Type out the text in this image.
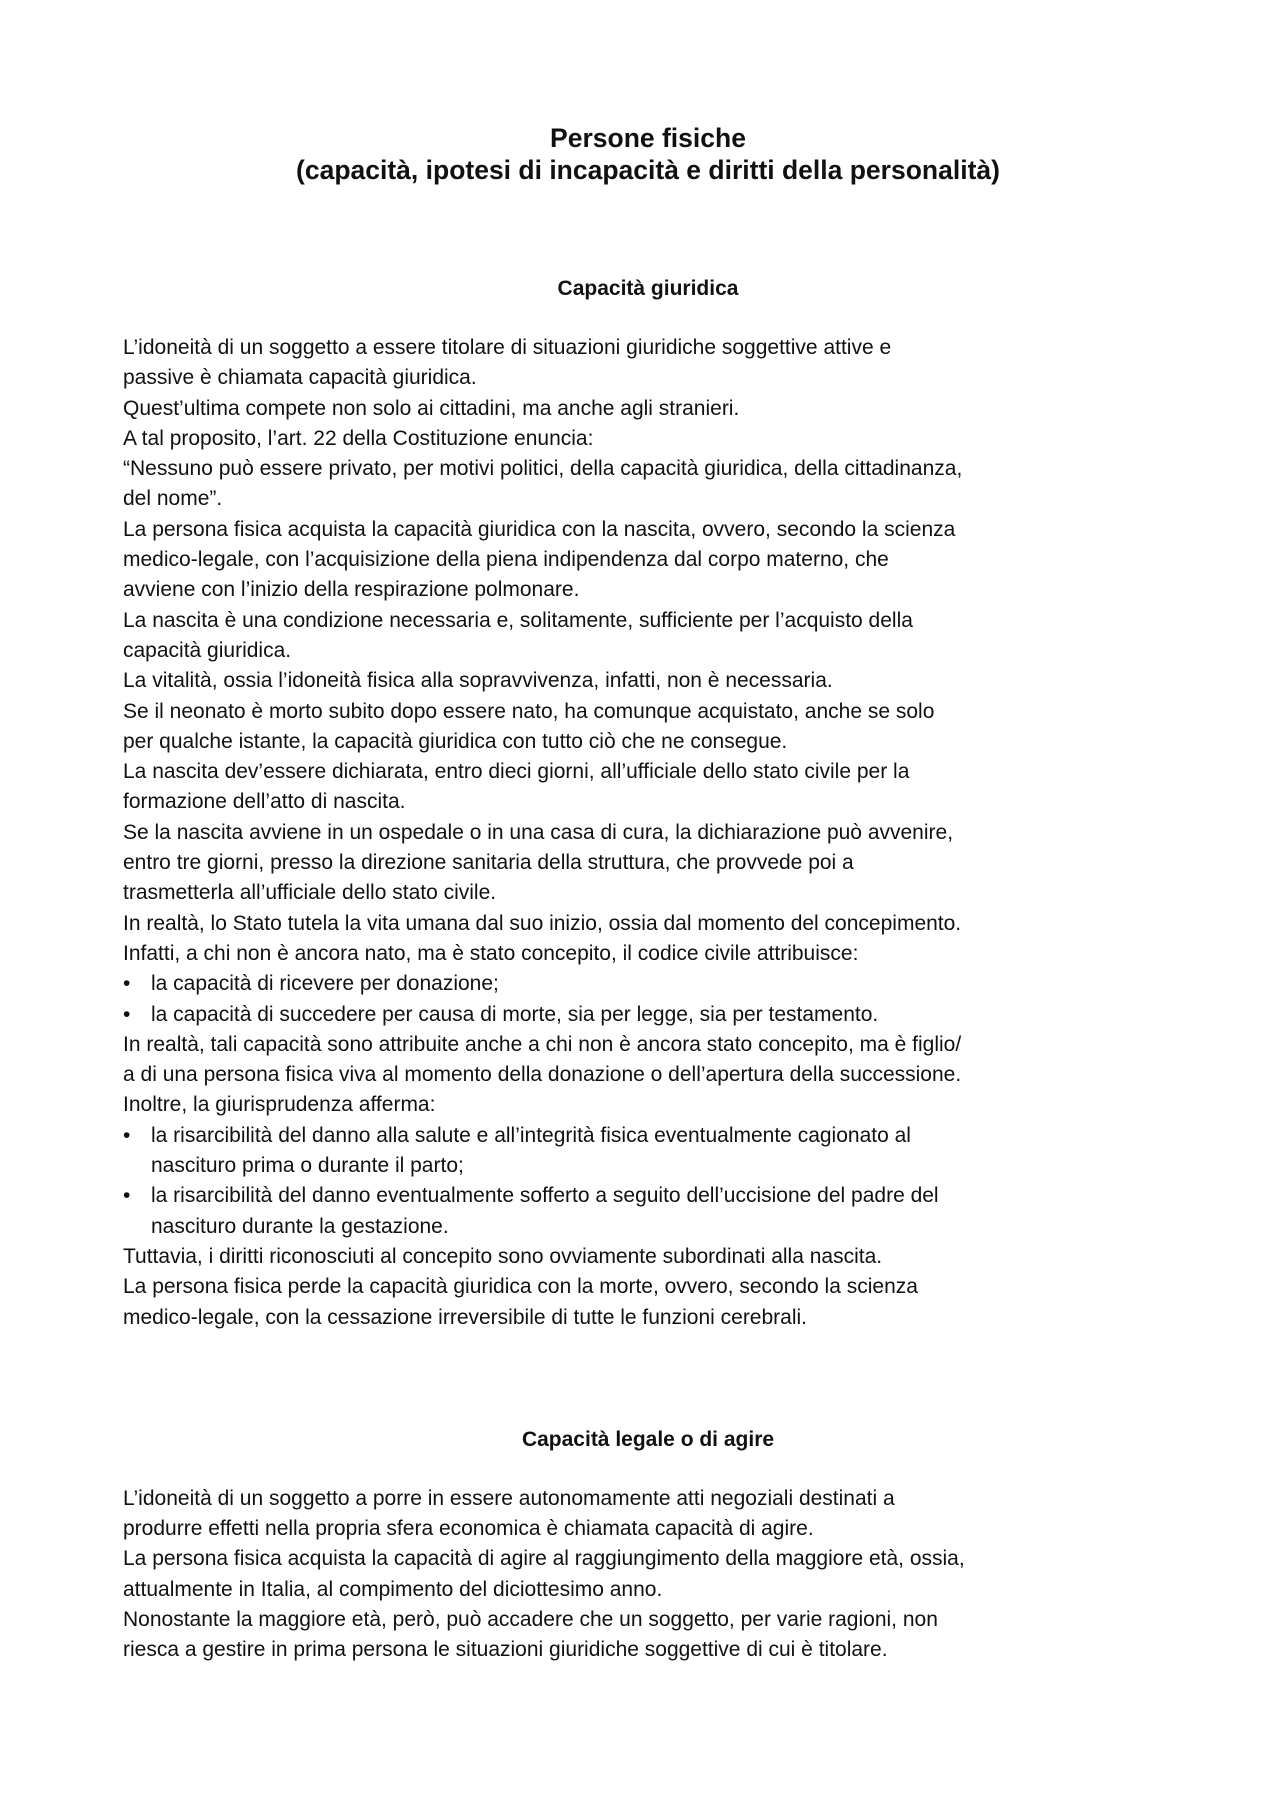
Persone fisiche
(capacità, ipotesi di incapacità e diritti della personalità)
Capacità giuridica
L’idoneità di un soggetto a essere titolare di situazioni giuridiche soggettive attive e
passive è chiamata capacità giuridica.
Quest’ultima compete non solo ai cittadini, ma anche agli stranieri.
A tal proposito, l’art. 22 della Costituzione enuncia:
“Nessuno può essere privato, per motivi politici, della capacità giuridica, della cittadinanza,
del nome”.
La persona fisica acquista la capacità giuridica con la nascita, ovvero, secondo la scienza
medico-legale, con l’acquisizione della piena indipendenza dal corpo materno, che
avviene con l’inizio della respirazione polmonare.
La nascita è una condizione necessaria e, solitamente, sufficiente per l’acquisto della
capacità giuridica.
La vitalità, ossia l’idoneità fisica alla sopravvivenza, infatti, non è necessaria.
Se il neonato è morto subito dopo essere nato, ha comunque acquistato, anche se solo
per qualche istante, la capacità giuridica con tutto ciò che ne consegue.
La nascita dev’essere dichiarata, entro dieci giorni, all’ufficiale dello stato civile per la
formazione dell’atto di nascita.
Se la nascita avviene in un ospedale o in una casa di cura, la dichiarazione può avvenire,
entro tre giorni, presso la direzione sanitaria della struttura, che provvede poi a
trasmetterla all’ufficiale dello stato civile.
In realtà, lo Stato tutela la vita umana dal suo inizio, ossia dal momento del concepimento.
Infatti, a chi non è ancora nato, ma è stato concepito, il codice civile attribuisce:
• la capacità di ricevere per donazione;
• la capacità di succedere per causa di morte, sia per legge, sia per testamento.
In realtà, tali capacità sono attribuite anche a chi non è ancora stato concepito, ma è figlio/
a di una persona fisica viva al momento della donazione o dell’apertura della successione.
Inoltre, la giurisprudenza afferma:
• la risarcibilità del danno alla salute e all’integrità fisica eventualmente cagionato al
nascituro prima o durante il parto;
• la risarcibilità del danno eventualmente sofferto a seguito dell’uccisione del padre del
nascituro durante la gestazione.
Tuttavia, i diritti riconosciuti al concepito sono ovviamente subordinati alla nascita.
La persona fisica perde la capacità giuridica con la morte, ovvero, secondo la scienza
medico-legale, con la cessazione irreversibile di tutte le funzioni cerebrali.
Capacità legale o di agire
L’idoneità di un soggetto a porre in essere autonomamente atti negoziali destinati a
produrre effetti nella propria sfera economica è chiamata capacità di agire.
La persona fisica acquista la capacità di agire al raggiungimento della maggiore età, ossia,
attualmente in Italia, al compimento del diciottesimo anno.
Nonostante la maggiore età, però, può accadere che un soggetto, per varie ragioni, non
riesca a gestire in prima persona le situazioni giuridiche soggettive di cui è titolare.
